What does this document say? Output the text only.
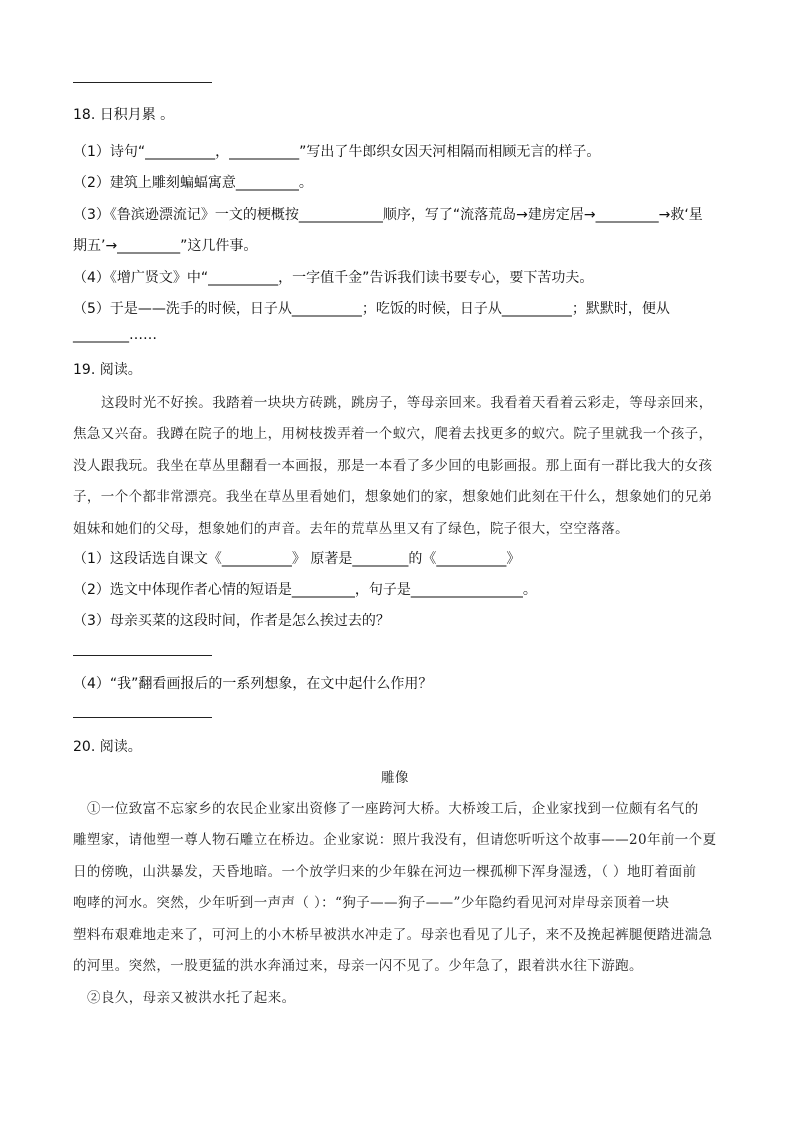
18. 日积月累 。
（1）诗句“__________，__________”写出了牛郎织女因天河相隔而相顾无言的样子。
（2）建筑上雕刻蝙蝠寓意_________。
（3）《鲁滨逊漂流记》一文的梗概按____________顺序，写了“流落荒岛→建房定居→_________→救‘星
期五’→_________”这几件事。
（4）《增广贤文》中“__________，一字值千金”告诉我们读书要专心，要下苦功夫。
（5）于是——洗手的时候，日子从__________；吃饭的时候，日子从__________；默默时，便从
________……
19. 阅读。
这段时光不好挨。我踏着一块块方砖跳，跳房子，等母亲回来。我看着天看着云彩走，等母亲回来，
焦急又兴奋。我蹲在院子的地上，用树枝拨弄着一个蚁穴，爬着去找更多的蚁穴。院子里就我一个孩子，
没人跟我玩。我坐在草丛里翻看一本画报，那是一本看了多少回的电影画报。那上面有一群比我大的女孩
子，一个个都非常漂亮。我坐在草丛里看她们，想象她们的家，想象她们此刻在干什么，想象她们的兄弟
姐妹和她们的父母，想象她们的声音。去年的荒草丛里又有了绿色，院子很大，空空落落。
（1）这段话选自课文《__________》 原著是________的《__________》
（2）选文中体现作者心情的短语是_________，句子是________________。
（3）母亲买菜的这段时间，作者是怎么挨过去的？
（4）“我”翻看画报后的一系列想象，在文中起什么作用？
20. 阅读。
雕像
①一位致富不忘家乡的农民企业家出资修了一座跨河大桥。大桥竣工后，企业家找到一位颇有名气的
雕塑家，请他塑一尊人物石雕立在桥边。企业家说：照片我没有，但请您听听这个故事——20年前一个夏
日的傍晚，山洪暴发，天昏地暗。一个放学归来的少年躲在河边一棵孤柳下浑身湿透，（ ）地盯着面前
咆哮的河水。突然，少年听到一声声（ ）：“狗子——狗子——”少年隐约看见河对岸母亲顶着一块
塑料布艰难地走来了，可河上的小木桥早被洪水冲走了。母亲也看见了儿子，来不及挽起裤腿便踏进湍急
的河里。突然，一股更猛的洪水奔涌过来，母亲一闪不见了。少年急了，跟着洪水往下游跑。
②良久，母亲又被洪水托了起来。
